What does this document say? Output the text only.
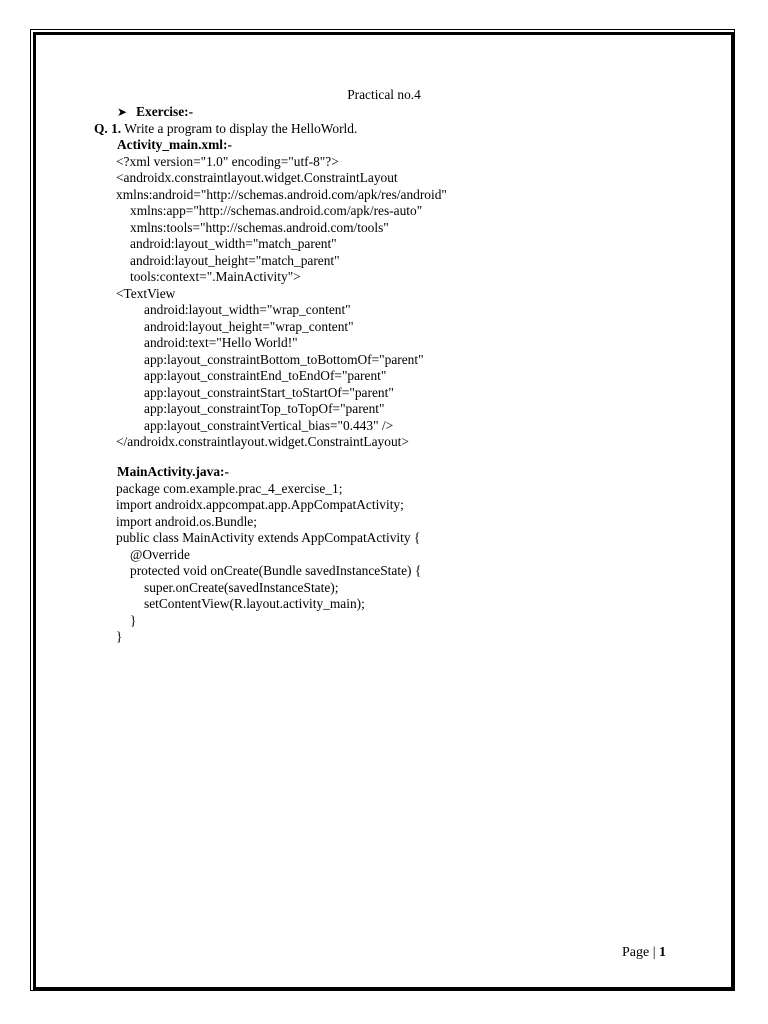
Practical no.4
➤ Exercise:-
Q. 1. Write a program to display the HelloWorld.
Activity_main.xml:-
<?xml version="1.0" encoding="utf-8"?>
<androidx.constraintlayout.widget.ConstraintLayout
xmlns:android="http://schemas.android.com/apk/res/android"
xmlns:app="http://schemas.android.com/apk/res-auto"
xmlns:tools="http://schemas.android.com/tools"
android:layout_width="match_parent"
android:layout_height="match_parent"
tools:context=".MainActivity">
<TextView
android:layout_width="wrap_content"
android:layout_height="wrap_content"
android:text="Hello World!"
app:layout_constraintBottom_toBottomOf="parent"
app:layout_constraintEnd_toEndOf="parent"
app:layout_constraintStart_toStartOf="parent"
app:layout_constraintTop_toTopOf="parent"
app:layout_constraintVertical_bias="0.443" />
</androidx.constraintlayout.widget.ConstraintLayout>
MainActivity.java:-
package com.example.prac_4_exercise_1;
import androidx.appcompat.app.AppCompatActivity;
import android.os.Bundle;
public class MainActivity extends AppCompatActivity {
@Override
protected void onCreate(Bundle savedInstanceState) {
super.onCreate(savedInstanceState);
setContentView(R.layout.activity_main);
}
}
Page | 1
